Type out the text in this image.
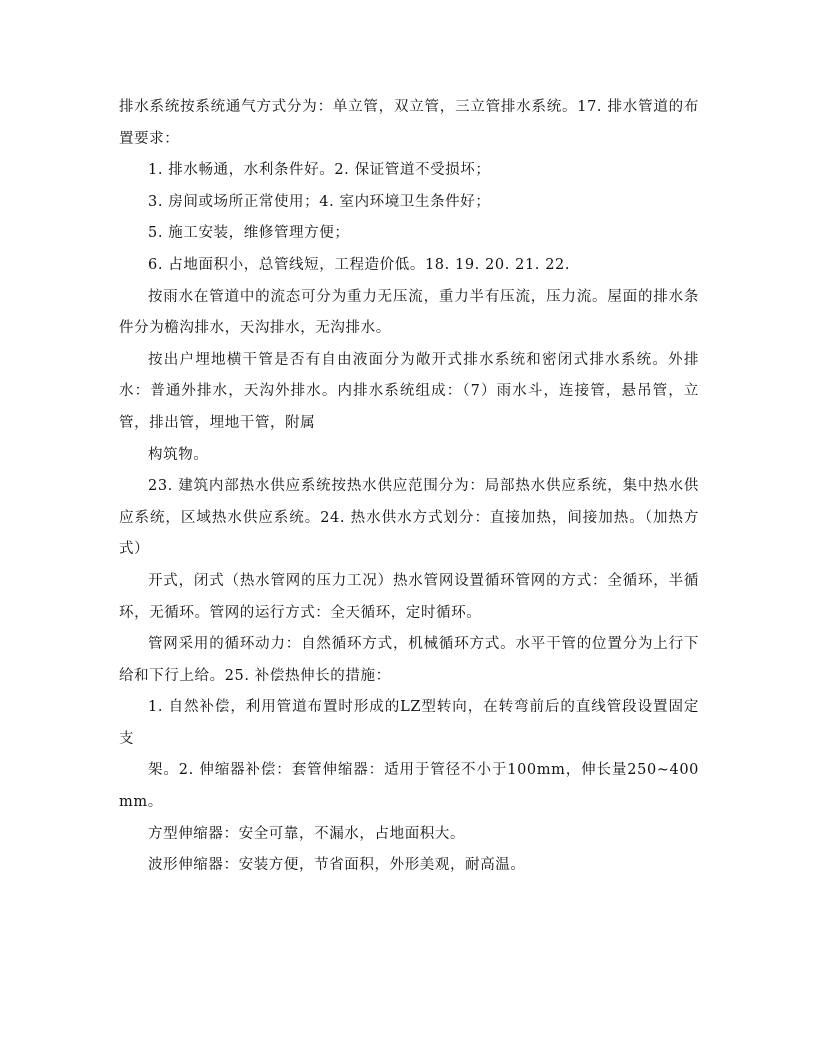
排水系统按系统通气方式分为：单立管，双立管，三立管排水系统。17. 排水管道的布置要求：

1. 排水畅通，水利条件好。2. 保证管道不受损坏；

3. 房间或场所正常使用；4. 室内环境卫生条件好；

5. 施工安装，维修管理方便；

6. 占地面积小，总管线短，工程造价低。18. 19. 20. 21. 22.

按雨水在管道中的流态可分为重力无压流，重力半有压流，压力流。屋面的排水条件分为檐沟排水，天沟排水，无沟排水。

按出户埋地横干管是否有自由液面分为敞开式排水系统和密闭式排水系统。外排水：普通外排水，天沟外排水。内排水系统组成：（7）雨水斗，连接管，悬吊管，立管，排出管，埋地干管，附属

构筑物。

23. 建筑内部热水供应系统按热水供应范围分为：局部热水供应系统，集中热水供应系统，区域热水供应系统。24. 热水供水方式划分：直接加热，间接加热。（加热方式）

开式，闭式（热水管网的压力工况）热水管网设置循环管网的方式：全循环，半循环，无循环。管网的运行方式：全天循环，定时循环。

管网采用的循环动力：自然循环方式，机械循环方式。水平干管的位置分为上行下给和下行上给。25. 补偿热伸长的措施：

1. 自然补偿，利用管道布置时形成的LZ型转向，在转弯前后的直线管段设置固定支

架。2. 伸缩器补偿：套管伸缩器：适用于管径不小于100mm，伸长量250~400mm。

方型伸缩器：安全可靠，不漏水，占地面积大。

波形伸缩器：安装方便，节省面积，外形美观，耐高温。
